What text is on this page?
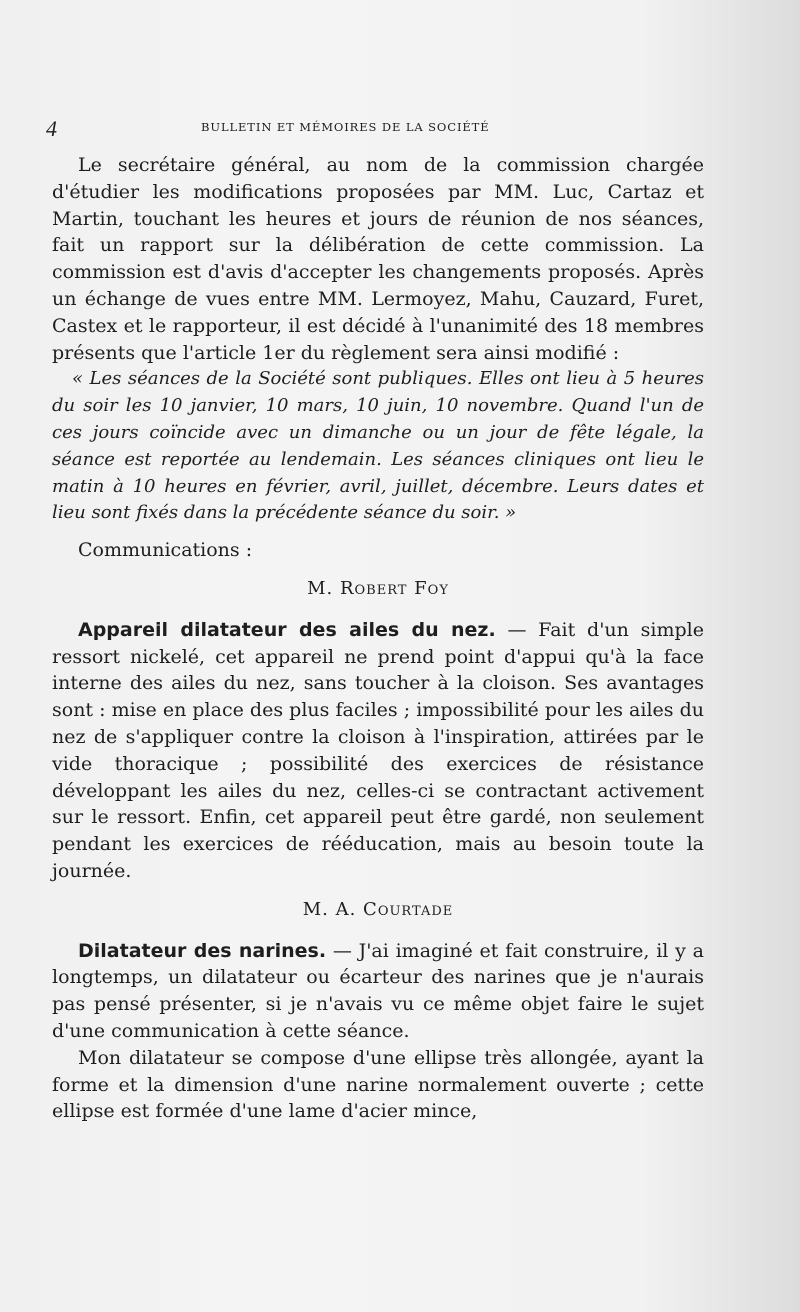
4	BULLETIN ET MÉMOIRES DE LA SOCIÉTÉ

Le secrétaire général, au nom de la commission chargée d'étudier les modifications proposées par MM. Luc, Cartaz et Martin, touchant les heures et jours de réunion de nos séances, fait un rapport sur la délibération de cette commission. La commission est d'avis d'accepter les changements proposés. Après un échange de vues entre MM. Lermoyez, Mahu, Cauzard, Furet, Castex et le rapporteur, il est décidé à l'unanimité des 18 membres présents que l'article 1er du règlement sera ainsi modifié :

« Les séances de la Société sont publiques. Elles ont lieu à 5 heures du soir les 10 janvier, 10 mars, 10 juin, 10 novembre. Quand l'un de ces jours coïncide avec un dimanche ou un jour de fête légale, la séance est reportée au lendemain. Les séances cliniques ont lieu le matin à 10 heures en février, avril, juillet, décembre. Leurs dates et lieu sont fixés dans la précédente séance du soir. »

Communications :

M. Robert Foy

Appareil dilatateur des ailes du nez. — Fait d'un simple ressort nickelé, cet appareil ne prend point d'appui qu'à la face interne des ailes du nez, sans toucher à la cloison. Ses avantages sont : mise en place des plus faciles ; impossibilité pour les ailes du nez de s'appliquer contre la cloison à l'inspiration, attirées par le vide thoracique ; possibilité des exercices de résistance développant les ailes du nez, celles-ci se contractant activement sur le ressort. Enfin, cet appareil peut être gardé, non seulement pendant les exercices de rééducation, mais au besoin toute la journée.

M. A. Courtade

Dilatateur des narines. — J'ai imaginé et fait construire, il y a longtemps, un dilatateur ou écarteur des narines que je n'aurais pas pensé présenter, si je n'avais vu ce même objet faire le sujet d'une communication à cette séance.

Mon dilatateur se compose d'une ellipse très allongée, ayant la forme et la dimension d'une narine normalement ouverte ; cette ellipse est formée d'une lame d'acier mince,
